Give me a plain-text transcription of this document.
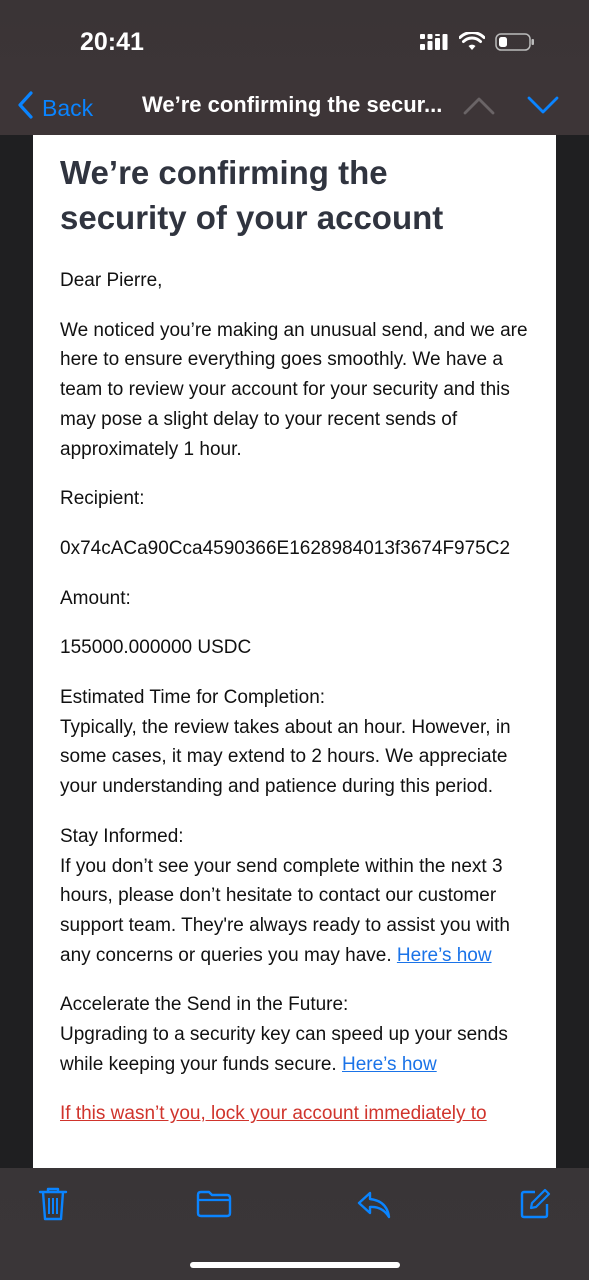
20:41
Back We’re confirming the secur...
We’re confirming the security of your account

Dear Pierre,

We noticed you’re making an unusual send, and we are here to ensure everything goes smoothly. We have a team to review your account for your security and this may pose a slight delay to your recent sends of approximately 1 hour.

Recipient:

0x74cACa90Cca4590366E1628984013f3674F975C2

Amount:

155000.000000 USDC

Estimated Time for Completion:

Typically, the review takes about an hour. However, in some cases, it may extend to 2 hours. We appreciate your understanding and patience during this period.

Stay Informed:

If you don’t see your send complete within the next 3 hours, please don’t hesitate to contact our customer support team. They're always ready to assist you with any concerns or queries you may have. Here’s how

Accelerate the Send in the Future:

Upgrading to a security key can speed up your sends while keeping your funds secure. Here’s how

If this wasn’t you, lock your account immediately to
